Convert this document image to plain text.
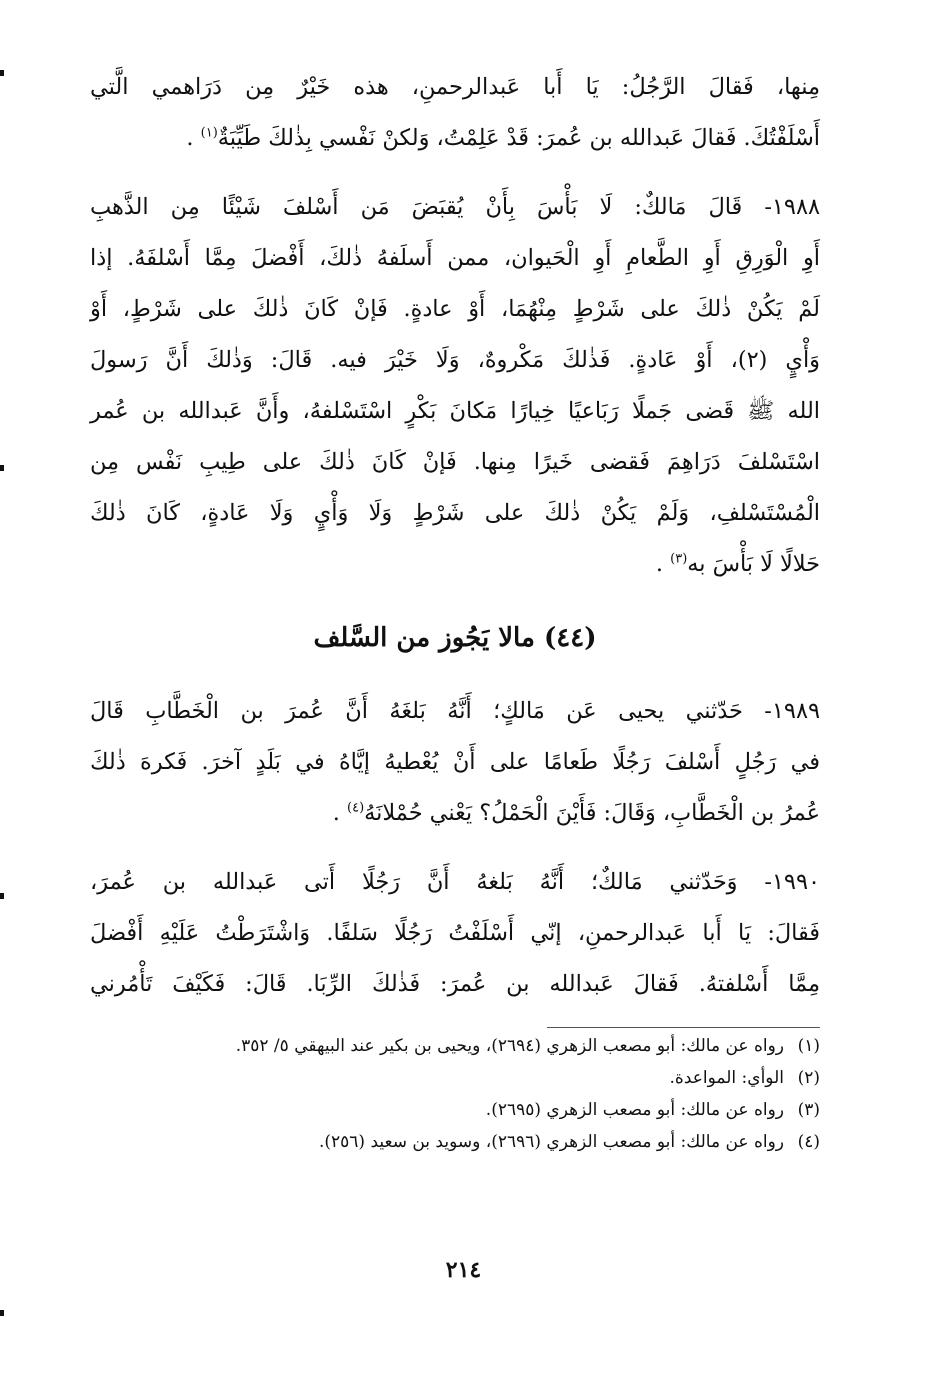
مِنها، فَقالَ الرَّجُلُ: يَا أَبا عَبدالرحمنِ، هذه خَيْرٌ مِن دَرَاهمي الَّتي
أَسْلَفْتُكَ. فَقالَ عَبدالله بن عُمرَ: قَدْ عَلِمْتُ، وَلكنْ نَفْسي بِذٰلكَ طَيِّبَةٌ$^{(١)}$ .
١٩٨٨- قَالَ مَالكٌ: لَا بَأْسَ بِأَنْ يُقبَضَ مَن أَسْلفَ شَيْئًا مِن الذَّهبِ
أَوِ الْوَرِقِ أَوِ الطَّعامِ أَوِ الْحَيوان، ممن أَسلَفهُ ذٰلكَ، أَفْضلَ مِمَّا أَسْلفَهُ. إذا
لَمْ يَكُنْ ذٰلكَ على شَرْطٍ مِنْهُمَا، أَوْ عادةٍ. فَإنْ كَانَ ذٰلكَ على شَرْطٍ، أَوْ
وَأْيٍ (٢)، أَوْ عَادةٍ. فَذٰلكَ مَكْروهٌ، وَلَا خَيْرَ فيه. قَالَ: وَذٰلكَ أَنَّ رَسولَ
الله ﷺ قَضى جَملًا رَبَاعيًا خِيارًا مَكانَ بَكْرٍ اسْتَسْلفهُ، وأَنَّ عَبدالله بن عُمر
اسْتَسْلفَ دَرَاهِمَ فَقضى خَيرًا مِنها. فَإنْ كَانَ ذٰلكَ على طِيبِ نَفْس مِن
الْمُسْتَسْلفِ، وَلَمْ يَكُنْ ذٰلكَ على شَرْطٍ وَلَا وَأْيٍ وَلَا عَادةٍ، كَانَ ذٰلكَ
حَلالًا لَا بَأْسَ به$^{(٣)}$ .
(٤٤) مالا يَجُوز من السَّلف
١٩٨٩- حَدّثني يحيى عَن مَالكٍ؛ أَنَّهُ بَلغَهُ أَنَّ عُمرَ بن الْخَطَّابِ قَالَ
في رَجُلٍ أَسْلفَ رَجُلًا طَعامًا على أَنْ يُعْطيهُ إيَّاهُ في بَلَدٍ آخرَ. فَكرهَ ذٰلكَ
عُمرُ بن الْخَطَّابِ، وَقَالَ: فَأَيْنَ الْحَمْلُ؟ يَعْني حُمْلانَهُ$^{(٤)}$ .
١٩٩٠- وَحَدّثني مَالكٌ؛ أَنَّهُ بَلغهُ أَنَّ رَجُلًا أَتى عَبدالله بن عُمرَ،
فَقالَ: يَا أَبا عَبدالرحمنِ، إنّي أَسْلَفْتُ رَجُلًا سَلفًا. وَاشْتَرَطْتُ عَلَيْهِ أَفْضلَ
مِمَّا أَسْلفتهُ. فَقالَ عَبدالله بن عُمرَ: فَذٰلكَ الرِّبَا. قَالَ: فَكَيْفَ تَأْمُرني
(١)رواه عن مالك: أبو مصعب الزهري (٢٦٩٤)، ويحيى بن بكير عند البيهقي ٥/ ٣٥٢.
(٢)الوأي: المواعدة.
(٣)رواه عن مالك: أبو مصعب الزهري (٢٦٩٥).
(٤)رواه عن مالك: أبو مصعب الزهري (٢٦٩٦)، وسويد بن سعيد (٢٥٦).
٢١٤
